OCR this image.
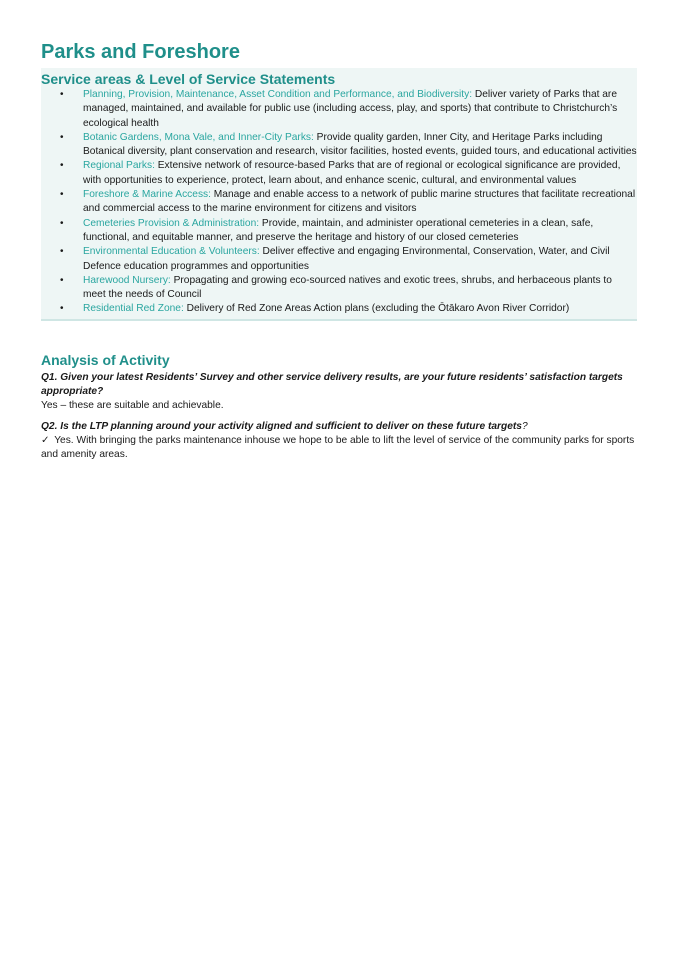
Parks and Foreshore
Service areas & Level of Service Statements
• Planning, Provision, Maintenance, Asset Condition and Performance, and Biodiversity: Deliver variety of Parks that are managed, maintained, and available for public use (including access, play, and sports) that contribute to Christchurch’s ecological health
• Botanic Gardens, Mona Vale, and Inner-City Parks: Provide quality garden, Inner City, and Heritage Parks including Botanical diversity, plant conservation and research, visitor facilities, hosted events, guided tours, and educational activities
• Regional Parks: Extensive network of resource-based Parks that are of regional or ecological significance are provided, with opportunities to experience, protect, learn about, and enhance scenic, cultural, and environmental values
• Foreshore & Marine Access: Manage and enable access to a network of public marine structures that facilitate recreational and commercial access to the marine environment for citizens and visitors
• Cemeteries Provision & Administration: Provide, maintain, and administer operational cemeteries in a clean, safe, functional, and equitable manner, and preserve the heritage and history of our closed cemeteries
• Environmental Education & Volunteers: Deliver effective and engaging Environmental, Conservation, Water, and Civil Defence education programmes and opportunities
• Harewood Nursery: Propagating and growing eco-sourced natives and exotic trees, shrubs, and herbaceous plants to meet the needs of Council
• Residential Red Zone: Delivery of Red Zone Areas Action plans (excluding the Ōtākaro Avon River Corridor)
Analysis of Activity

Q1. Given your latest Residents’ Survey and other service delivery results, are your future residents’ satisfaction targets appropriate?

Yes – these are suitable and achievable.

Q2. Is the LTP planning around your activity aligned and sufficient to deliver on these future targets?

✓ Yes. With bringing the parks maintenance inhouse we hope to be able to lift the level of service of the community parks for sports and amenity areas.
